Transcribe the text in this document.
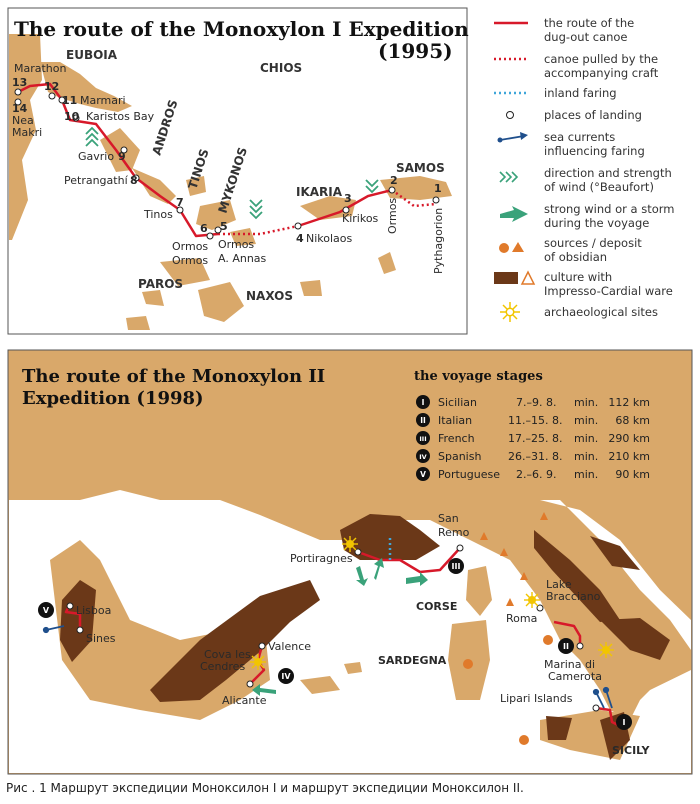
The route of the Monoxylon I Expedition
(1995)
EUBOIA
CHIOS
ANDROS
TINOS MYKONOS	IKARIA
SAMOS
PAROS
NAXOS
Marathon
13 12
11 Marmari
14
Nea
Makri
10 Karistos Bay
9
Gavrio
8
Petrangathí
7
Tinos
6
Ormos
Ormos
5
Ormos
A. Annas
4 Nikolaos
3
Kirikos
2
Ormos
1
Pythagorion
the route of the
dug-out canoe
canoe pulled by the
accompanying craft
inland faring
places of landing
sea currents
influencing faring
direction and strength
of wind (°Beaufort)
strong wind or a storm
during the voyage
sources / deposit
of obsidian
culture with
Impresso-Cardial ware
archaeological sites
V
IV
III
II
I
The route of the Monoxylon II
Expedition (1998)
the voyage stages
I Sicilian	7.–9. 8. min. 112 km
II Italian	11.–15. 8. min. 68 km
III French	17.–25. 8. min. 290 km
IV Spanish 26.–31. 8. min. 210 km
V Portuguese 2.–6. 9. min. 90 km
Lisboa
Sines
Valence
Cova les
Cendres
Alicante
Portiragnes
San
Remo
CORSE
SARDEGNA
Lake
Bracciano
Roma
Marina di
Camerota
Lipari Islands
SICILY
Рис . 1 Маршрут экспедиции Моноксилон I и маршрут экспедиции Моноксилон II.
